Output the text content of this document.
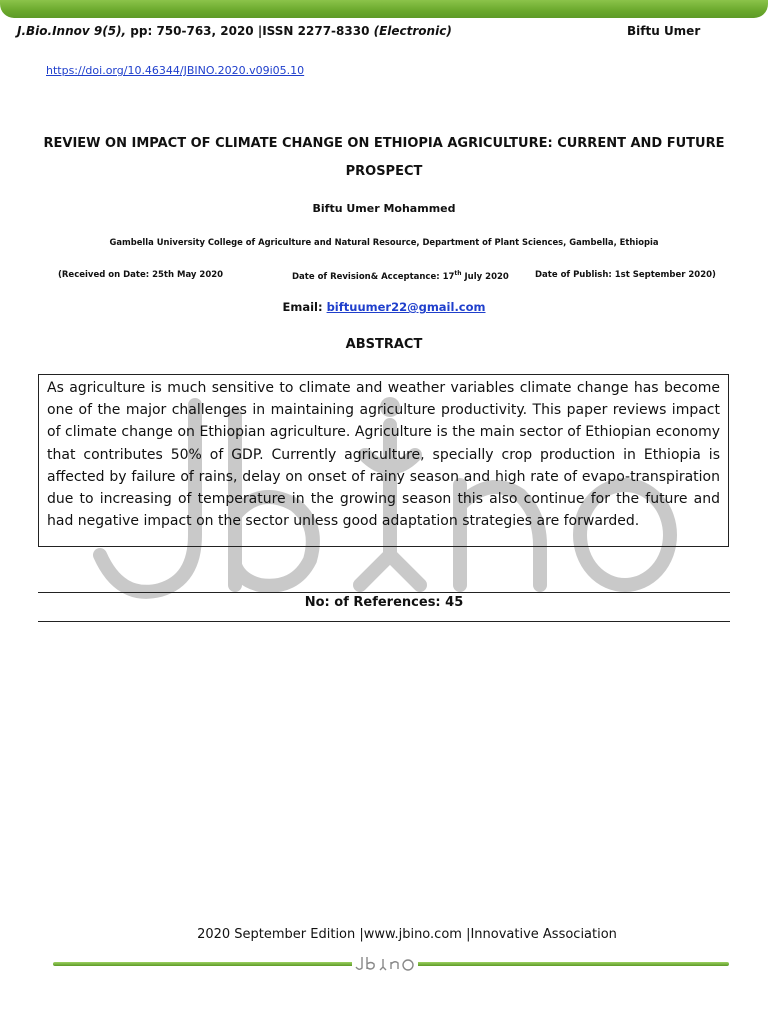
J.Bio.Innov 9(5), pp: 750-763, 2020 |ISSN 2277-8330 (Electronic)	Biftu Umer
https://doi.org/10.46344/JBINO.2020.v09i05.10
REVIEW ON IMPACT OF CLIMATE CHANGE ON ETHIOPIA AGRICULTURE: CURRENT AND FUTURE
PROSPECT
Biftu Umer Mohammed
Gambella University College of Agriculture and Natural Resource, Department of Plant Sciences, Gambella, Ethiopia
(Received on Date: 25th May 2020	Date of Revision& Acceptance: 17th July 2020	Date of Publish: 1st September 2020)
Email: biftuumer22@gmail.com
ABSTRACT
As agriculture is much sensitive to climate and weather variables climate change has become one of the major challenges in maintaining agriculture productivity. This paper reviews impact of climate change on Ethiopian agriculture. Agriculture is the main sector of Ethiopian economy that contributes 50% of GDP. Currently agriculture, specially crop production in Ethiopia is affected by failure of rains, delay on onset of rainy season and high rate of evapo-transpiration due to increasing of temperature in the growing season this also continue for the future and had negative impact on the sector unless good adaptation strategies are forwarded.
No: of References: 45
2020 September Edition |www.jbino.com |Innovative Association
